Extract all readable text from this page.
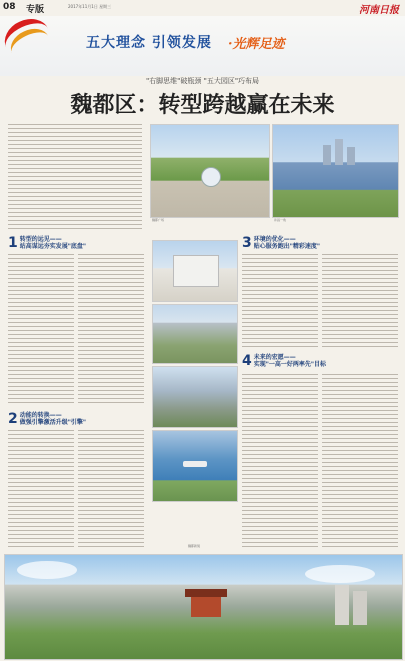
08 专版	2017年11月1日 星期三	河南日报
五大理念 引领发展 ·光辉足迹
"右脚思维"破瓶颈 "五大园区"巧布局
魏都区：转型跨越赢在未来
魏都广场	许昌一角
1 转型的远见——
站高谋远夯实发展"底盘"
2 动能的转换——
做强引擎激活升级"引擎"
魏都新貌
3 环境的优化——
贴心服务跑出"精彩速度"
4 未来的宏愿——
实现"一高一好两率先"目标
